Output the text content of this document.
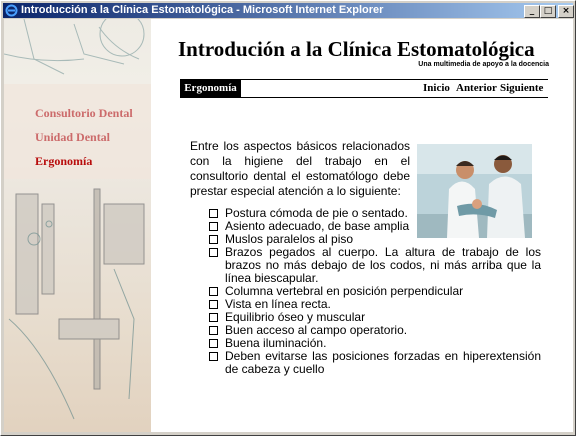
Introducción a la Clínica Estomatológica - Microsoft Internet Explorer	_	□	×
Consultorio Dental
Unidad Dental
Ergonomía
Introdución a la Clínica Estomatológica
Una multimedia de apoyo a la docencia
Ergonomía	Inicio Anterior Siguiente
Entre los aspectos básicos relacionados con la higiene del trabajo en el consultorio dental el estomatólogo debe prestar especial atención a lo siguiente:
Postura cómoda de pie o sentado.
Asiento adecuado, de base amplia
Muslos paralelos al piso
Brazos pegados al cuerpo. La altura de trabajo de los brazos no más debajo de los codos, ni más arriba que la línea biescapular.
Columna vertebral en posición perpendicular
Vista en línea recta.
Equilibrio óseo y muscular
Buen acceso al campo operatorio.
Buena iluminación.
Deben evitarse las posiciones forzadas en hiperextensión de cabeza y cuello
